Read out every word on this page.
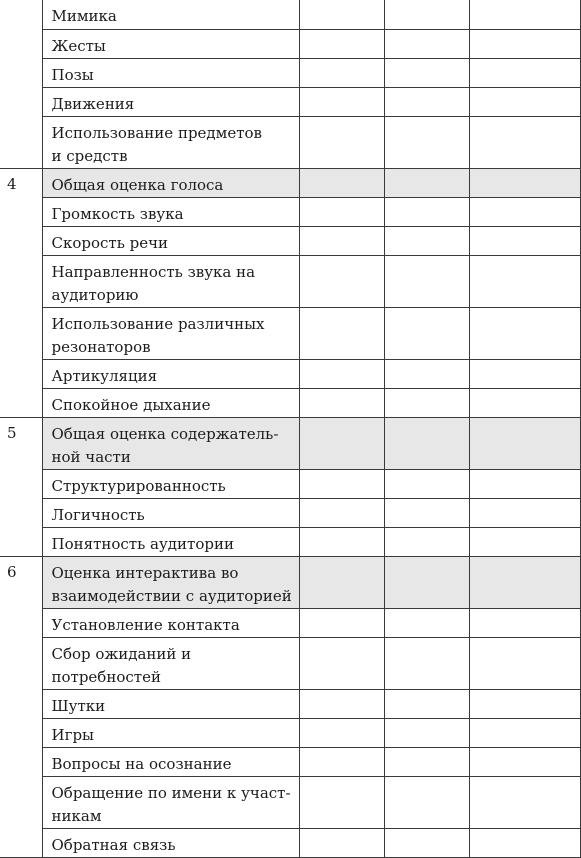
	Мимика			
	Жесты			
	Позы			
	Движения			
	Использование предметов
и средств			
4	Общая оценка голоса			
	Громкость звука			
	Скорость речи			
	Направленность звука на
аудиторию			
	Использование различных
резонаторов			
	Артикуляция			
	Спокойное дыхание			
5	Общая оценка содержатель-
ной части			
	Структурированность			
	Логичность			
	Понятность аудитории			
6	Оценка интерактива во
взаимодействии с аудиторией			
	Установление контакта			
	Сбор ожиданий и потребностей			
	Шутки			
	Игры			
	Вопросы на осознание			
	Обращение по имени к участ-
никам			
	Обратная связь			
